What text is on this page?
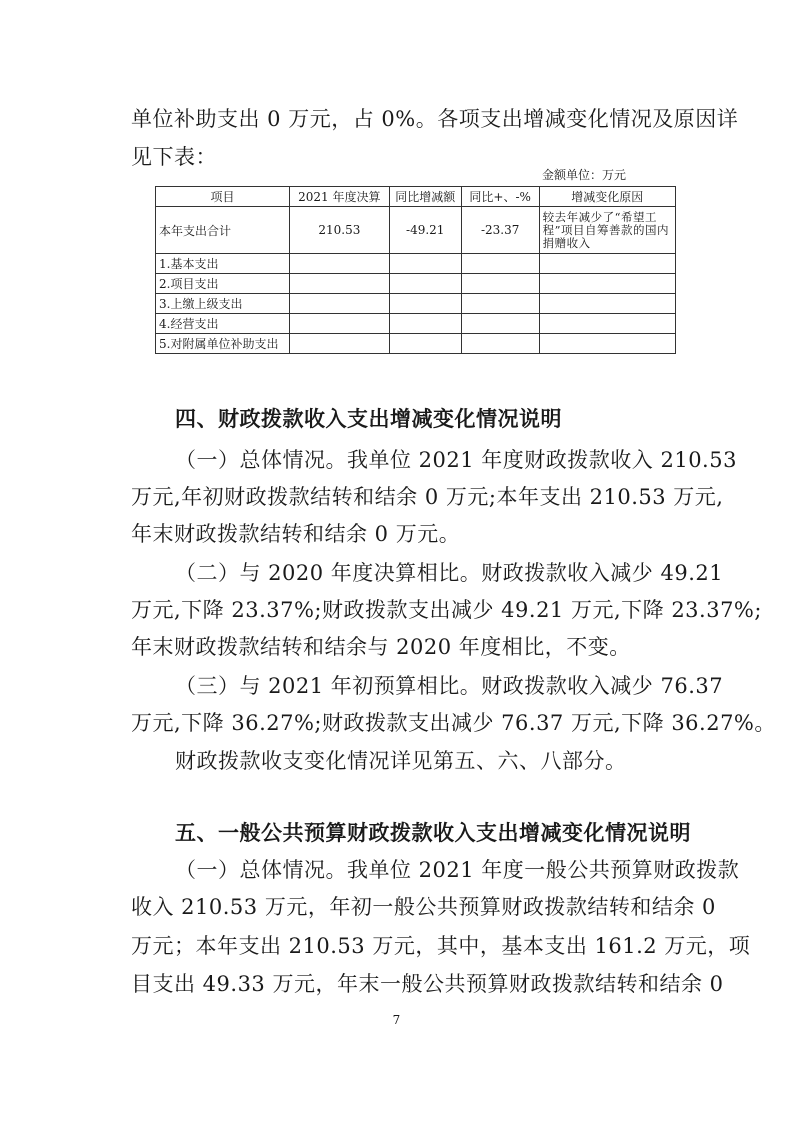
单位补助支出 0 万元，占 0%。各项支出增减变化情况及原因详
见下表：
金额单位：万元
项目	2021 年度决算	同比增减额	同比+、-%	增减变化原因
本年支出合计	210.53	-49.21	-23.37	较去年减少了“希望工程”项目自筹善款的国内捐赠收入
1.基本支出				
2.项目支出				
3.上缴上级支出				
4.经营支出				
5.对附属单位补助支出				
四、财政拨款收入支出增减变化情况说明
（一）总体情况。我单位 2021 年度财政拨款收入 210.53
万元,年初财政拨款结转和结余 0 万元;本年支出 210.53 万元,
年末财政拨款结转和结余 0 万元。
（二）与 2020 年度决算相比。财政拨款收入减少 49.21
万元,下降 23.37%;财政拨款支出减少 49.21 万元,下降 23.37%;
年末财政拨款结转和结余与 2020 年度相比，不变。
（三）与 2021 年初预算相比。财政拨款收入减少 76.37
万元,下降 36.27%;财政拨款支出减少 76.37 万元,下降 36.27%。
财政拨款收支变化情况详见第五、六、八部分。
五、一般公共预算财政拨款收入支出增减变化情况说明
（一）总体情况。我单位 2021 年度一般公共预算财政拨款
收入 210.53 万元，年初一般公共预算财政拨款结转和结余 0
万元；本年支出 210.53 万元，其中，基本支出 161.2 万元，项
目支出 49.33 万元，年末一般公共预算财政拨款结转和结余 0
7
